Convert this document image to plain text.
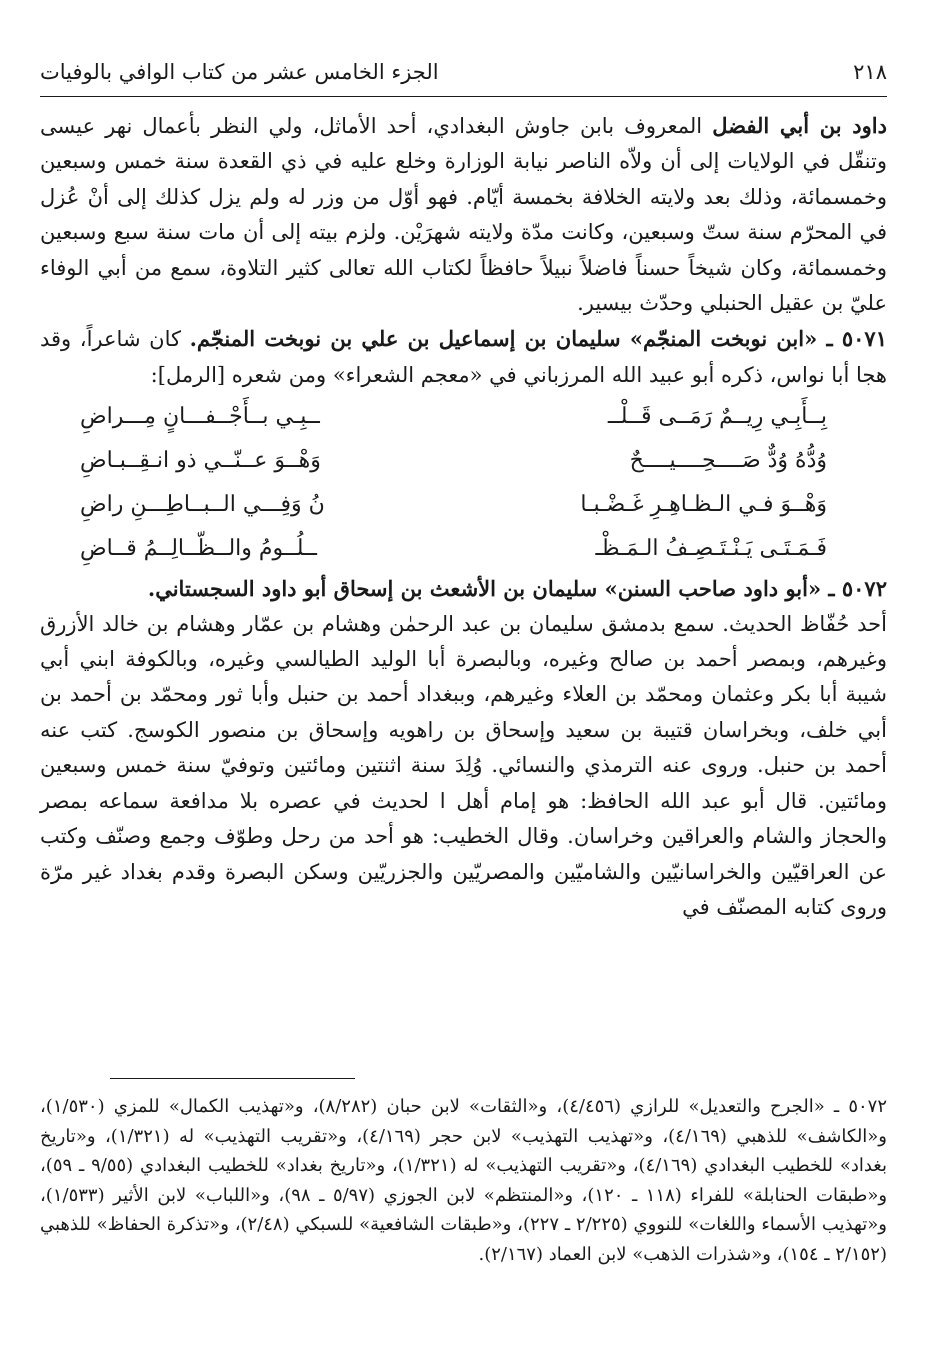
٢١٨
الجزء الخامس عشر من كتاب الوافي بالوفيات

داود بن أبي الفضل المعروف بابن جاوش البغدادي، أحد الأماثل، ولي النظر بأعمال نهر عيسى وتنقّل في الولايات إلى أن ولاّه الناصر نيابة الوزارة وخلع عليه في ذي القعدة سنة خمس وسبعين وخمسمائة، وذلك بعد ولايته الخلافة بخمسة أيّام. فهو أوّل من وزر له ولم يزل كذلك إلى أنْ عُزل في المحرّم سنة ستّ وسبعين، وكانت مدّة ولايته شهرَيْن. ولزم بيته إلى أن مات سنة سبع وسبعين وخمسمائة، وكان شيخاً حسناً فاضلاً نبيلاً حافظاً لكتاب الله تعالى كثير التلاوة، سمع من أبي الوفاء عليّ بن عقيل الحنبلي وحدّث بيسير.

٥٠٧١ ـ «ابن نوبخت المنجّم» سليمان بن إسماعيل بن علي بن نوبخت المنجّم. كان شاعراً، وقد هجا أبا نواس، ذكره أبو عبيد الله المرزباني في «معجم الشعراء» ومن شعره [الرمل]:

بِــأَبِـي رِيــمٌ رَمَــى قَــلْــ
ــبِـي بــأَجْــفـــانٍ مِـــراضِ
وُدُّهُ وُدٌّ صَــــحِــــيــــحٌ
وَهْــوَ عــنّــي ذو انـقِــبـاضِ
وَهْــوَ فـي الـظـاهِـرِ غَـضْـبـا
نُ وَفِـــي الــبــاطِـــنِ راضِ
فَـمَـتَـى يَـنْـتَـصِـفُ الـمَـظْـ
ــلُــومُ والــظّــالِــمُ قــاضِ

٥٠٧٢ ـ «أبو داود صاحب السنن» سليمان بن الأشعث بن إسحاق أبو داود السجستاني.

أحد حُفّاظ الحديث. سمع بدمشق سليمان بن عبد الرحمٰن وهشام بن عمّار وهشام بن خالد الأزرق وغيرهم، وبمصر أحمد بن صالح وغيره، وبالبصرة أبا الوليد الطيالسي وغيره، وبالكوفة ابني أبي شيبة أبا بكر وعثمان ومحمّد بن العلاء وغيرهم، وببغداد أحمد بن حنبل وأبا ثور ومحمّد بن أحمد بن أبي خلف، وبخراسان قتيبة بن سعيد وإسحاق بن راهويه وإسحاق بن منصور الكوسج. كتب عنه أحمد بن حنبل. وروى عنه الترمذي والنسائي. وُلِدَ سنة اثنتين ومائتين وتوفيّ سنة خمس وسبعين ومائتين. قال أبو عبد الله الحافظ: هو إمام أهل ا لحديث في عصره بلا مدافعة سماعه بمصر والحجاز والشام والعراقين وخراسان. وقال الخطيب: هو أحد من رحل وطوّف وجمع وصنّف وكتب عن العراقيّين والخراسانيّين والشاميّين والمصريّين والجزريّين وسكن البصرة وقدم بغداد غير مرّة وروى كتابه المصنّف في

٥٠٧٢ ـ «الجرح والتعديل» للرازي (٤/٤٥٦)، و«الثقات» لابن حبان (٨/٢٨٢)، و«تهذيب الكمال» للمزي (١/٥٣٠)، و«الكاشف» للذهبي (٤/١٦٩)، و«تهذيب التهذيب» لابن حجر (٤/١٦٩)، و«تقريب التهذيب» له (١/٣٢١)، و«تاريخ بغداد» للخطيب البغدادي (٤/١٦٩)، و«تقريب التهذيب» له (١/٣٢١)، و«تاريخ بغداد» للخطيب البغدادي (٩/٥٥ ـ ٥٩)، و«طبقات الحنابلة» للفراء (١١٨ ـ ١٢٠)، و«المنتظم» لابن الجوزي (٥/٩٧ ـ ٩٨)، و«اللباب» لابن الأثير (١/٥٣٣)، و«تهذيب الأسماء واللغات» للنووي (٢/٢٢٥ ـ ٢٢٧)، و«طبقات الشافعية» للسبكي (٢/٤٨)، و«تذكرة الحفاظ» للذهبي (٢/١٥٢ ـ ١٥٤)، و«شذرات الذهب» لابن العماد (٢/١٦٧).
